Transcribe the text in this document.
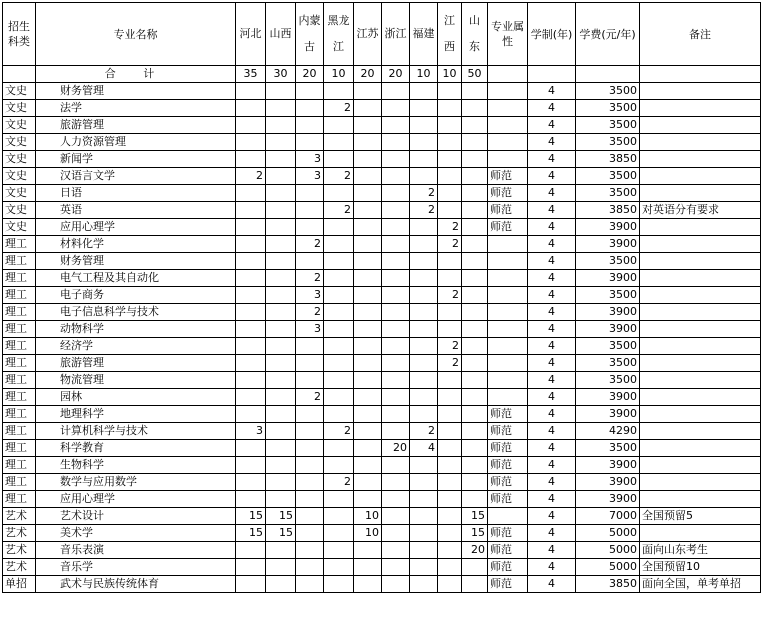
招生科类	专业名称	河北	山西	内蒙古	黑龙江	江苏	浙江	福建	江西	山东	专业属性	学制(年)	学费(元/年)	备注
	合 计	35	30	20	10	20	20	10	10	50				
文史	财务管理											4	3500	
文史	法学				2							4	3500	
文史	旅游管理											4	3500	
文史	人力资源管理											4	3500	
文史	新闻学			3								4	3850	
文史	汉语言文学	2		3	2						师范	4	3500	
文史	日语							2			师范	4	3500	
文史	英语				2			2			师范	4	3850	对英语分有要求
文史	应用心理学								2		师范	4	3900	
理工	材料化学			2					2			4	3900	
理工	财务管理											4	3500	
理工	电气工程及其自动化			2								4	3900	
理工	电子商务			3					2			4	3500	
理工	电子信息科学与技术			2								4	3900	
理工	动物科学			3								4	3900	
理工	经济学								2			4	3500	
理工	旅游管理								2			4	3500	
理工	物流管理											4	3500	
理工	园林			2								4	3900	
理工	地理科学										师范	4	3900	
理工	计算机科学与技术	3			2			2			师范	4	4290	
理工	科学教育						20	4			师范	4	3500	
理工	生物科学										师范	4	3900	
理工	数学与应用数学				2						师范	4	3900	
理工	应用心理学										师范	4	3900	
艺术	艺术设计	15	15			10				15		4	7000	全国预留5
艺术	美术学	15	15			10				15	师范	4	5000	
艺术	音乐表演									20	师范	4	5000	面向山东考生
艺术	音乐学										师范	4	5000	全国预留10
单招	武术与民族传统体育										师范	4	3850	面向全国，单考单招
